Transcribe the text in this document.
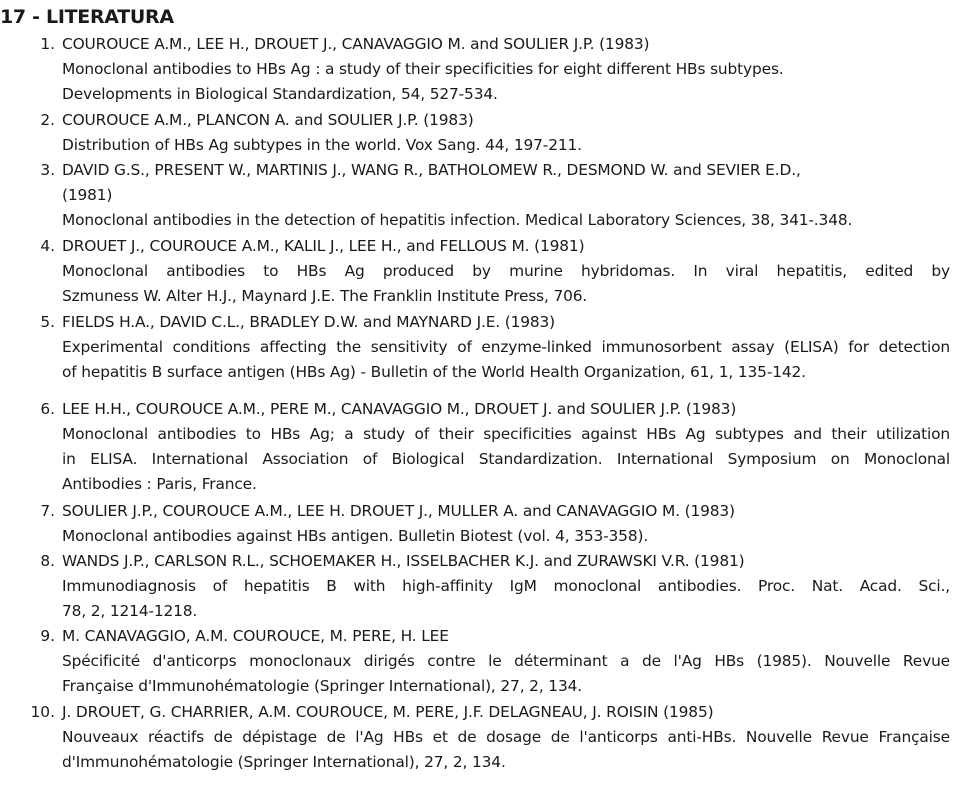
17 - LITERATURA
1. COUROUCE A.M., LEE H., DROUET J., CANAVAGGIO M. and SOULIER J.P. (1983)
Monoclonal antibodies to HBs Ag : a study of their specificities for eight different HBs subtypes.
Developments in Biological Standardization, 54, 527-534.
2. COUROUCE A.M., PLANCON A. and SOULIER J.P. (1983)
Distribution of HBs Ag subtypes in the world. Vox Sang. 44, 197-211.
3. DAVID G.S., PRESENT W., MARTINIS J., WANG R., BATHOLOMEW R., DESMOND W. and SEVIER E.D.,
(1981)
Monoclonal antibodies in the detection of hepatitis infection. Medical Laboratory Sciences, 38, 341-.348.
4. DROUET J., COUROUCE A.M., KALIL J., LEE H., and FELLOUS M. (1981)
Monoclonal antibodies to HBs Ag produced by murine hybridomas. In viral hepatitis, edited by
Szmuness W. Alter H.J., Maynard J.E. The Franklin Institute Press, 706.
5. FIELDS H.A., DAVID C.L., BRADLEY D.W. and MAYNARD J.E. (1983)
Experimental conditions affecting the sensitivity of enzyme-linked immunosorbent assay (ELISA) for detection
of hepatitis B surface antigen (HBs Ag) - Bulletin of the World Health Organization, 61, 1, 135-142.
6. LEE H.H., COUROUCE A.M., PERE M., CANAVAGGIO M., DROUET J. and SOULIER J.P. (1983)
Monoclonal antibodies to HBs Ag; a study of their specificities against HBs Ag subtypes and their utilization
in ELISA. International Association of Biological Standardization. International Symposium on Monoclonal
Antibodies : Paris, France.
7. SOULIER J.P., COUROUCE A.M., LEE H. DROUET J., MULLER A. and CANAVAGGIO M. (1983)
Monoclonal antibodies against HBs antigen. Bulletin Biotest (vol. 4, 353-358).
8. WANDS J.P., CARLSON R.L., SCHOEMAKER H., ISSELBACHER K.J. and ZURAWSKI V.R. (1981)
Immunodiagnosis of hepatitis B with high-affinity IgM monoclonal antibodies. Proc. Nat. Acad. Sci.,
78, 2, 1214-1218.
9. M. CANAVAGGIO, A.M. COUROUCE, M. PERE, H. LEE
Spécificité d'anticorps monoclonaux dirigés contre le déterminant a de l'Ag HBs (1985). Nouvelle Revue
Française d'Immunohématologie (Springer International), 27, 2, 134.
10. J. DROUET, G. CHARRIER, A.M. COUROUCE, M. PERE, J.F. DELAGNEAU, J. ROISIN (1985)
Nouveaux réactifs de dépistage de l'Ag HBs et de dosage de l'anticorps anti-HBs. Nouvelle Revue Française
d'Immunohématologie (Springer International), 27, 2, 134.
